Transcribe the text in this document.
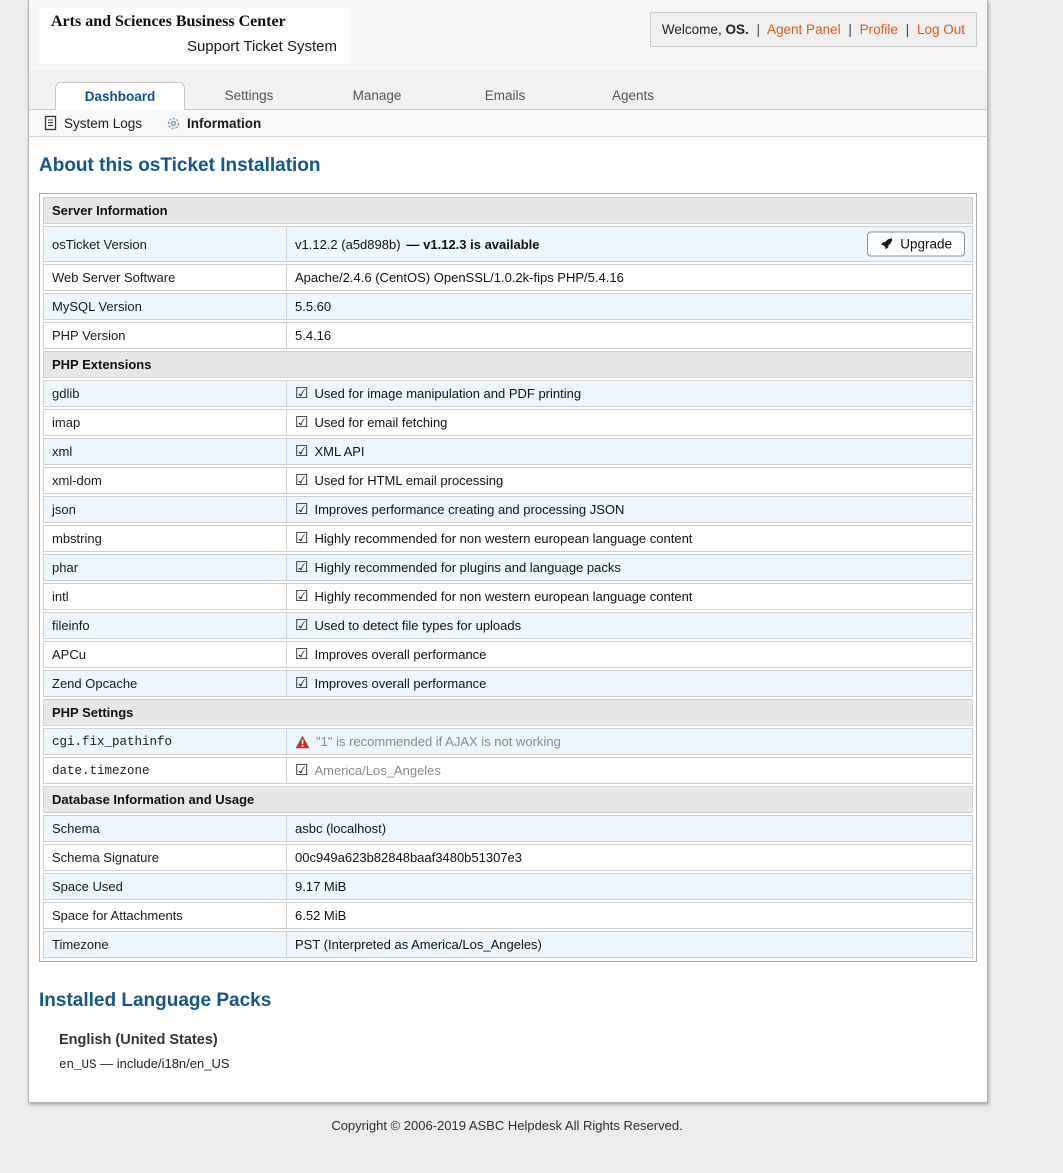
Arts and Sciences Business Center
Support Ticket System
Welcome, OS. | Agent Panel | Profile | Log Out
Dashboard	Settings	Manage	Emails	Agents
System Logs	Information
About this osTicket Installation
Server Information
osTicket Version	v1.12.2 (a5d898b) — v1.12.3 is available	Upgrade
Web Server Software	Apache/2.4.6 (CentOS) OpenSSL/1.0.2k-fips PHP/5.4.16
MySQL Version	5.5.60
PHP Version	5.4.16
PHP Extensions
gdlib	☑ Used for image manipulation and PDF printing
imap	☑ Used for email fetching
xml	☑ XML API
xml-dom	☑ Used for HTML email processing
json	☑ Improves performance creating and processing JSON
mbstring	☑ Highly recommended for non western european language content
phar	☑ Highly recommended for plugins and language packs
intl	☑ Highly recommended for non western european language content
fileinfo	☑ Used to detect file types for uploads
APCu	☑ Improves overall performance
Zend Opcache	☑ Improves overall performance
PHP Settings
cgi.fix_pathinfo	"1" is recommended if AJAX is not working
date.timezone	☑ America/Los_Angeles
Database Information and Usage
Schema	asbc (localhost)
Schema Signature	00c949a623b82848baaf3480b51307e3
Space Used	9.17 MiB
Space for Attachments	6.52 MiB
Timezone	PST (Interpreted as America/Los_Angeles)
Installed Language Packs
English (United States)
en_US — include/i18n/en_US
Copyright © 2006-2019 ASBC Helpdesk All Rights Reserved.
